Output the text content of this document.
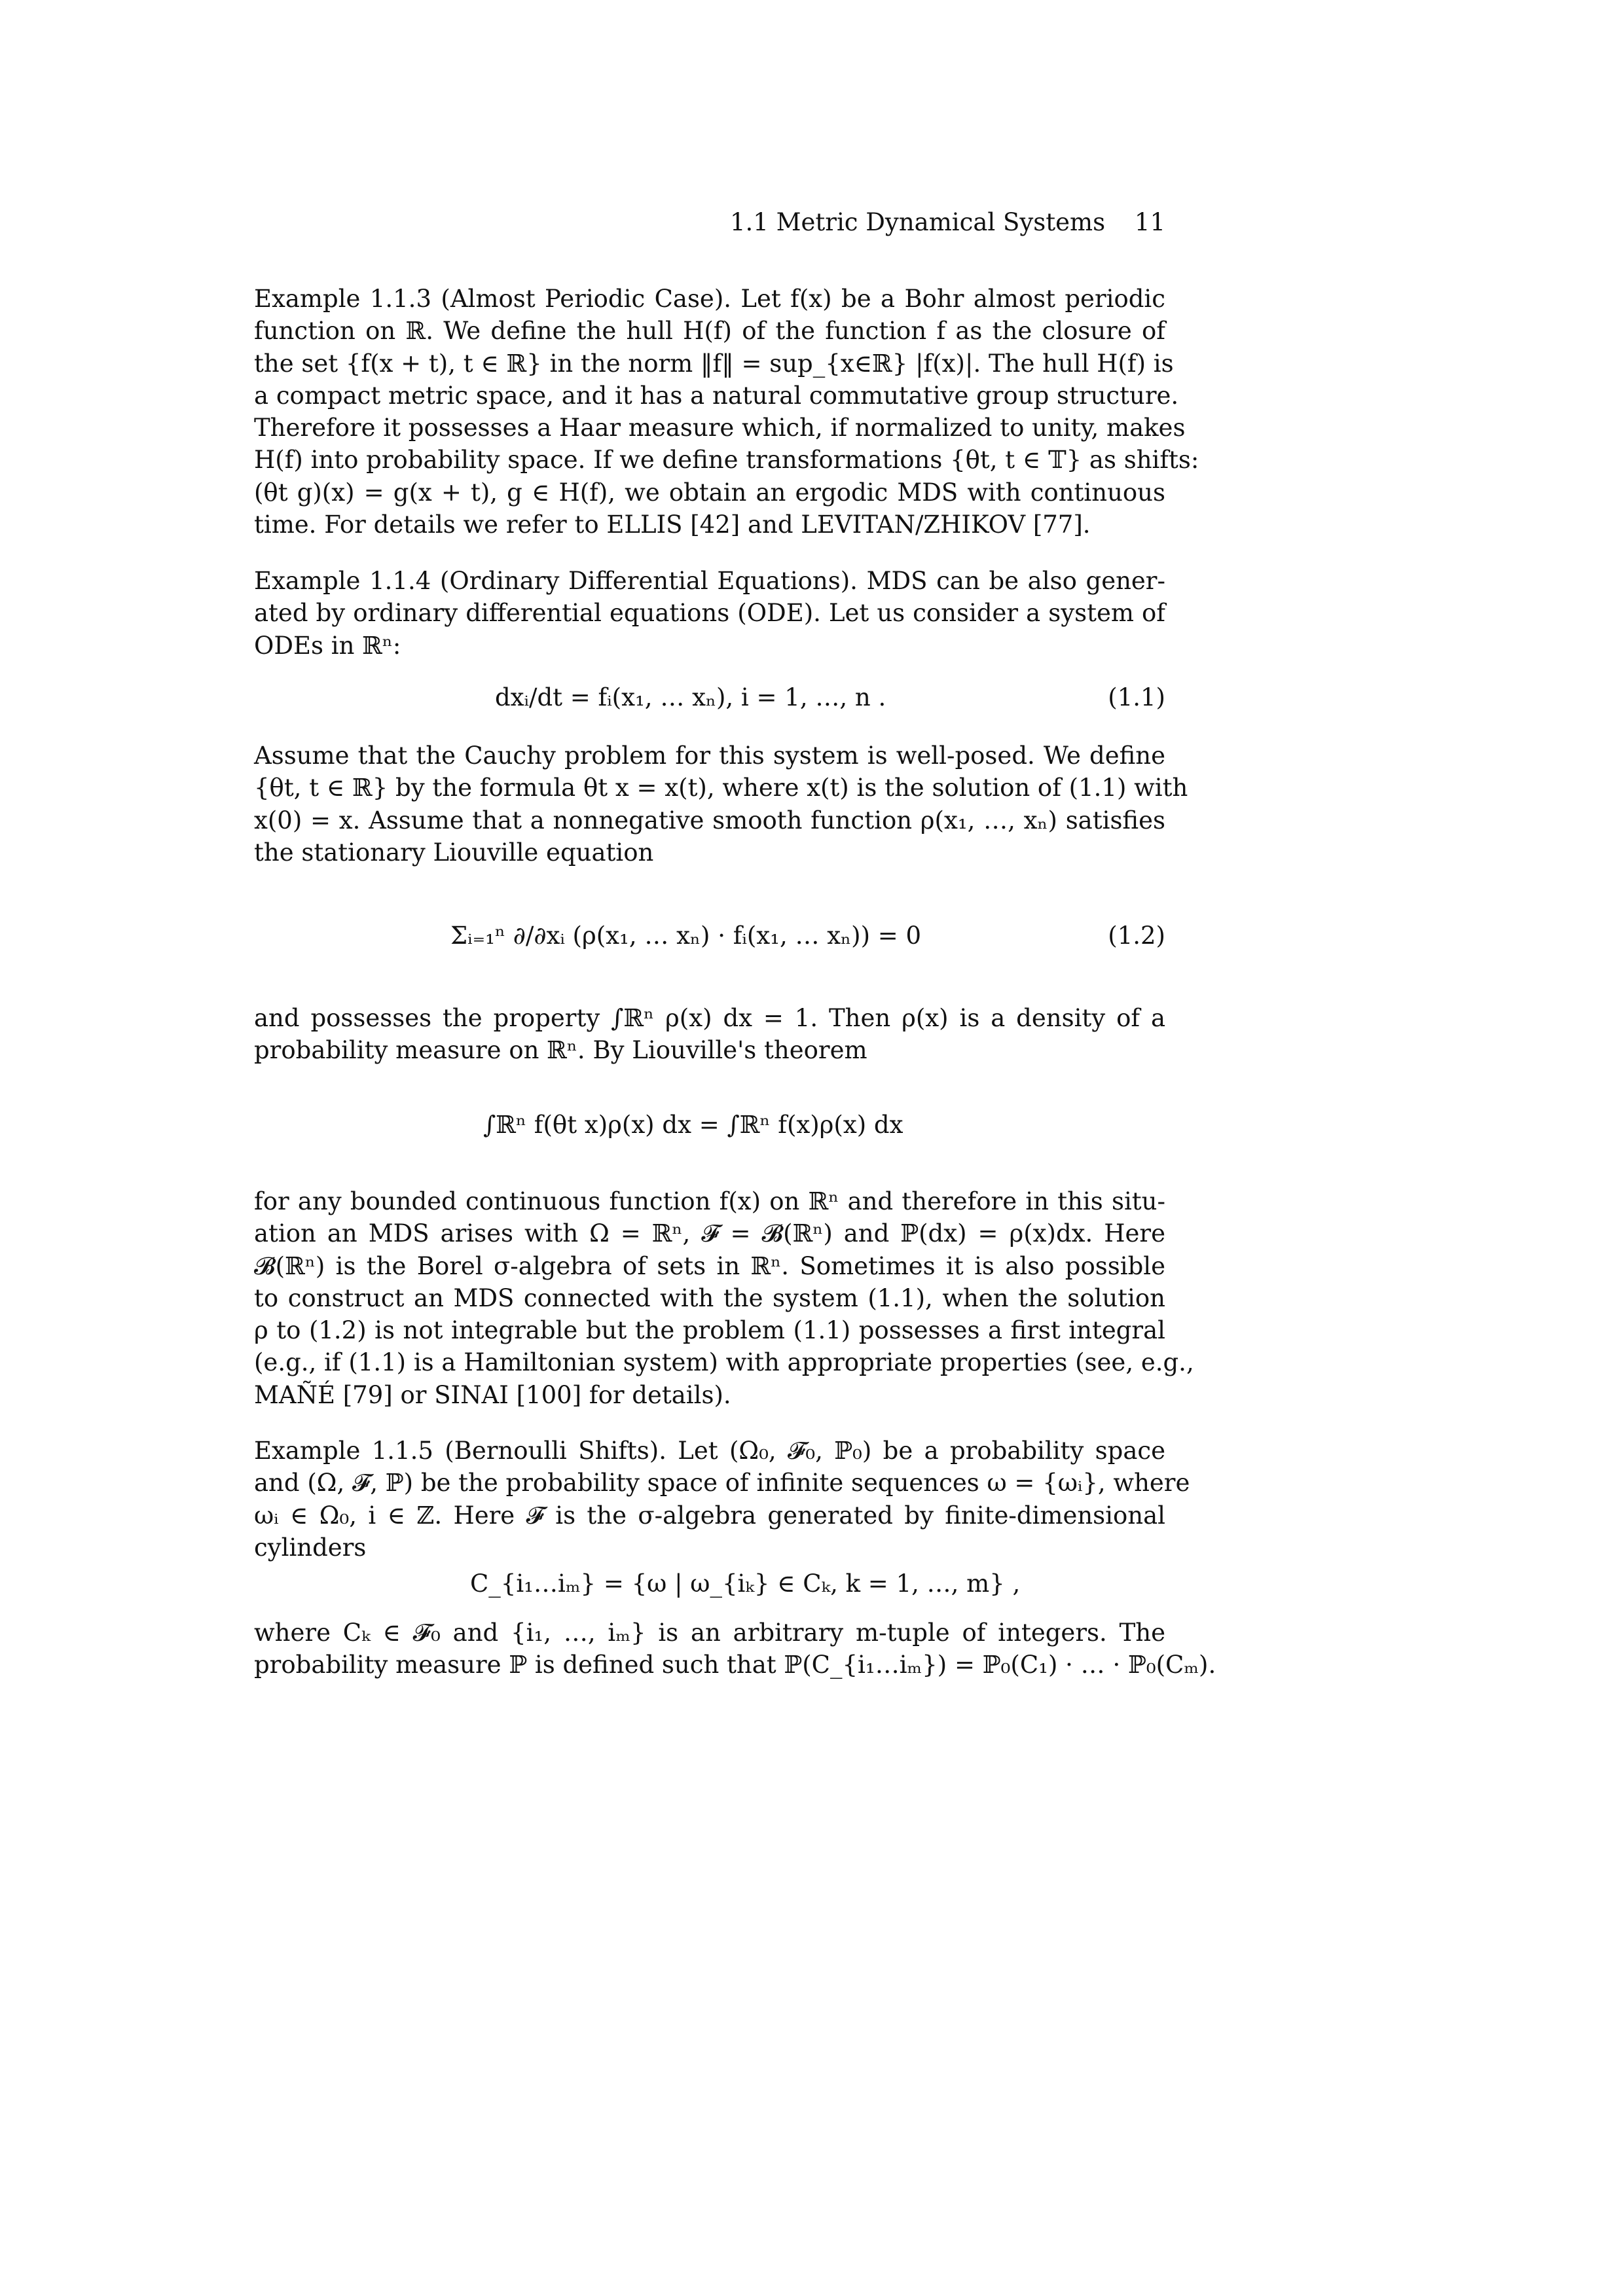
1.1 Metric Dynamical Systems 11
Example 1.1.3 (Almost Periodic Case). Let f(x) be a Bohr almost periodic
function on ℝ. We define the hull H(f) of the function f as the closure of
the set {f(x + t), t ∈ ℝ} in the norm ‖f‖ = sup_{x∈ℝ} |f(x)|. The hull H(f) is
a compact metric space, and it has a natural commutative group structure.
Therefore it possesses a Haar measure which, if normalized to unity, makes
H(f) into probability space. If we define transformations {θt, t ∈ 𝕋} as shifts:
(θt g)(x) = g(x + t), g ∈ H(f), we obtain an ergodic MDS with continuous
time. For details we refer to ELLIS [42] and LEVITAN/ZHIKOV [77].
Example 1.1.4 (Ordinary Differential Equations). MDS can be also gener-
ated by ordinary differential equations (ODE). Let us consider a system of
ODEs in ℝⁿ:
dxᵢ/dt = fᵢ(x₁, … xₙ), i = 1, …, n .	(1.1)
Assume that the Cauchy problem for this system is well-posed. We define
{θt, t ∈ ℝ} by the formula θt x = x(t), where x(t) is the solution of (1.1) with
x(0) = x. Assume that a nonnegative smooth function ρ(x₁, …, xₙ) satisfies
the stationary Liouville equation
Σᵢ₌₁ⁿ ∂/∂xᵢ (ρ(x₁, … xₙ) · fᵢ(x₁, … xₙ)) = 0	(1.2)
and possesses the property ∫ℝⁿ ρ(x) dx = 1. Then ρ(x) is a density of a
probability measure on ℝⁿ. By Liouville's theorem
∫ℝⁿ f(θt x)ρ(x) dx = ∫ℝⁿ f(x)ρ(x) dx
for any bounded continuous function f(x) on ℝⁿ and therefore in this situ-
ation an MDS arises with Ω = ℝⁿ, 𝓕 = 𝓑(ℝⁿ) and ℙ(dx) = ρ(x)dx. Here
𝓑(ℝⁿ) is the Borel σ-algebra of sets in ℝⁿ. Sometimes it is also possible
to construct an MDS connected with the system (1.1), when the solution
ρ to (1.2) is not integrable but the problem (1.1) possesses a first integral
(e.g., if (1.1) is a Hamiltonian system) with appropriate properties (see, e.g.,
MAÑÉ [79] or SINAI [100] for details).
Example 1.1.5 (Bernoulli Shifts). Let (Ω₀, 𝓕₀, ℙ₀) be a probability space
and (Ω, 𝓕, ℙ) be the probability space of infinite sequences ω = {ωᵢ}, where
ωᵢ ∈ Ω₀, i ∈ ℤ. Here 𝓕 is the σ-algebra generated by finite-dimensional
cylinders
C_{i₁…iₘ} = {ω | ω_{iₖ} ∈ Cₖ, k = 1, …, m} ,
where Cₖ ∈ 𝓕₀ and {i₁, …, iₘ} is an arbitrary m-tuple of integers. The
probability measure ℙ is defined such that ℙ(C_{i₁…iₘ}) = ℙ₀(C₁) · … · ℙ₀(Cₘ).
